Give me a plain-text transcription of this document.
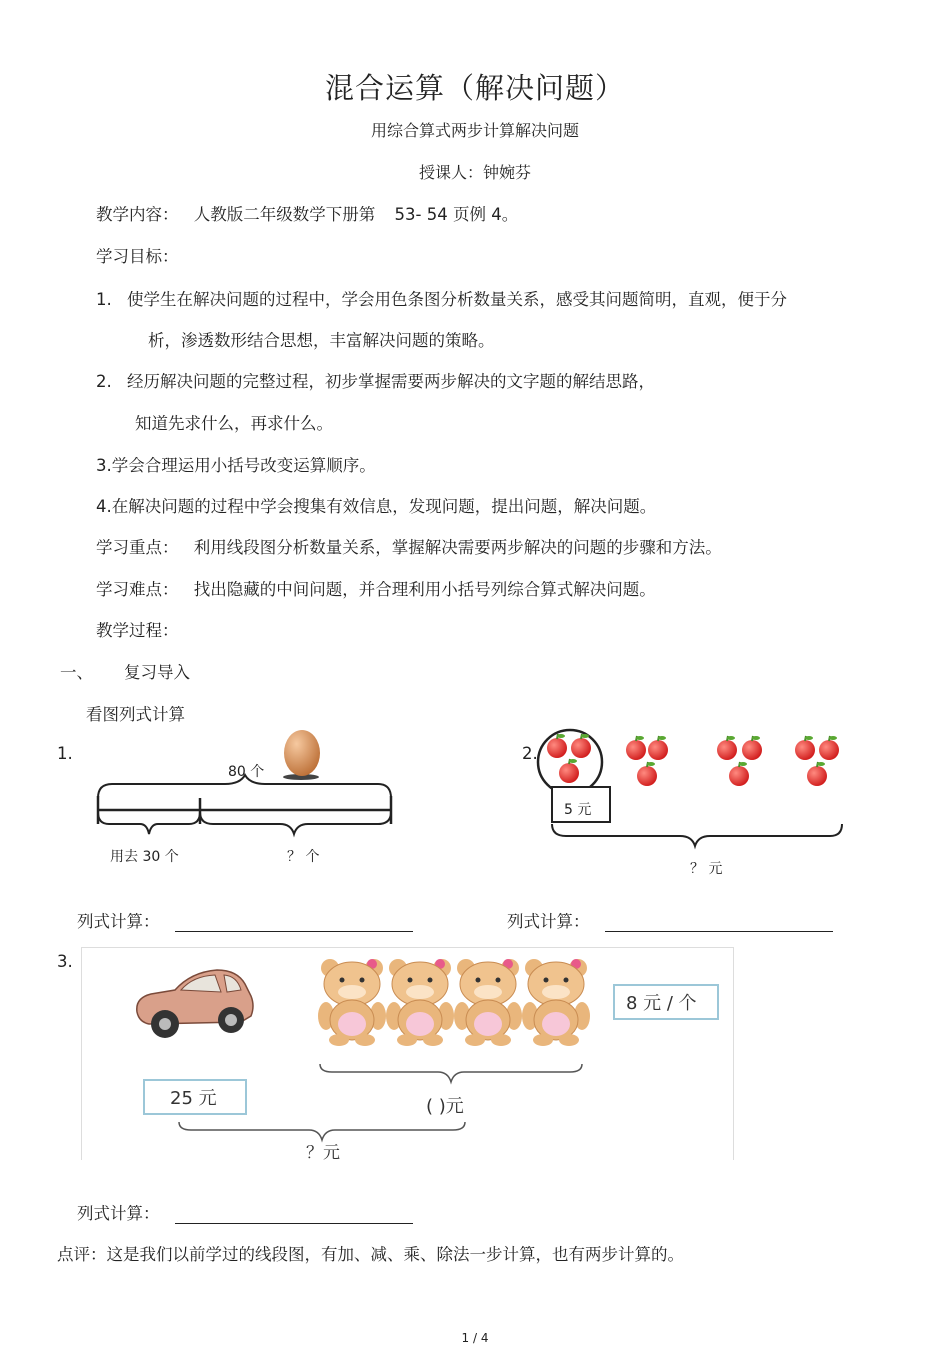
混合运算（解决问题）
用综合算式两步计算解决问题
授课人：钟婉芬
教学内容： 人教版二年级数学下册第 53- 54 页例 4。
学习目标：
1. 使学生在解决问题的过程中，学会用色条图分析数量关系，感受其问题简明，直观，便于分
析，渗透数形结合思想，丰富解决问题的策略。
2. 经历解决问题的完整过程，初步掌握需要两步解决的文字题的解结思路，
知道先求什么，再求什么。
3.学会合理运用小括号改变运算顺序。
4.在解决问题的过程中学会搜集有效信息，发现问题，提出问题，解决问题。
学习重点： 利用线段图分析数量关系，掌握解决需要两步解决的问题的步骤和方法。
学习难点： 找出隐藏的中间问题，并合理利用小括号列综合算式解决问题。
教学过程：
一、 复习导入
看图列式计算
1.
80 个
用去 30 个	？ 个
2.
5 元
？ 元
列式计算：	列式计算：
3.
8 元 / 个
( )元
25 元
？元
列式计算：
点评：这是我们以前学过的线段图，有加、减、乘、除法一步计算，也有两步计算的。
1 / 4
